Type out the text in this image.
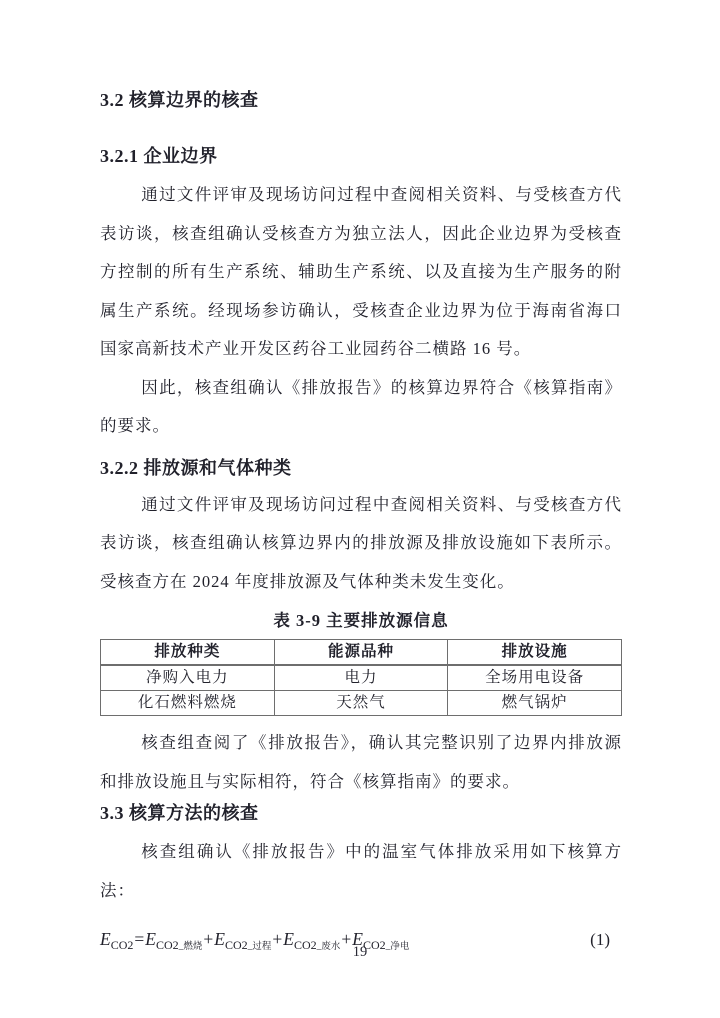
3.2 核算边界的核查
3.2.1 企业边界

通过文件评审及现场访问过程中查阅相关资料、与受核查方代表访谈，核查组确认受核查方为独立法人，因此企业边界为受核查方控制的所有生产系统、辅助生产系统、以及直接为生产服务的附属生产系统。经现场参访确认，受核查企业边界为位于海南省海口国家高新技术产业开发区药谷工业园药谷二横路 16 号。

因此，核查组确认《排放报告》的核算边界符合《核算指南》的要求。

3.2.2 排放源和气体种类

通过文件评审及现场访问过程中查阅相关资料、与受核查方代表访谈，核查组确认核算边界内的排放源及排放设施如下表所示。受核查方在 2024 年度排放源及气体种类未发生变化。

表 3-9 主要排放源信息

排放种类	能源品种	排放设施
净购入电力	电力	全场用电设备
化石燃料燃烧	天然气	燃气锅炉

核查组查阅了《排放报告》，确认其完整识别了边界内排放源和排放设施且与实际相符，符合《核算指南》的要求。

3.3 核算方法的核查

核查组确认《排放报告》中的温室气体排放采用如下核算方法：

$E_{CO2}=E_{CO2\_燃烧}+E_{CO2\_过程}+E_{CO2\_废水}+E_{CO2\_净电}$	(1)
19
